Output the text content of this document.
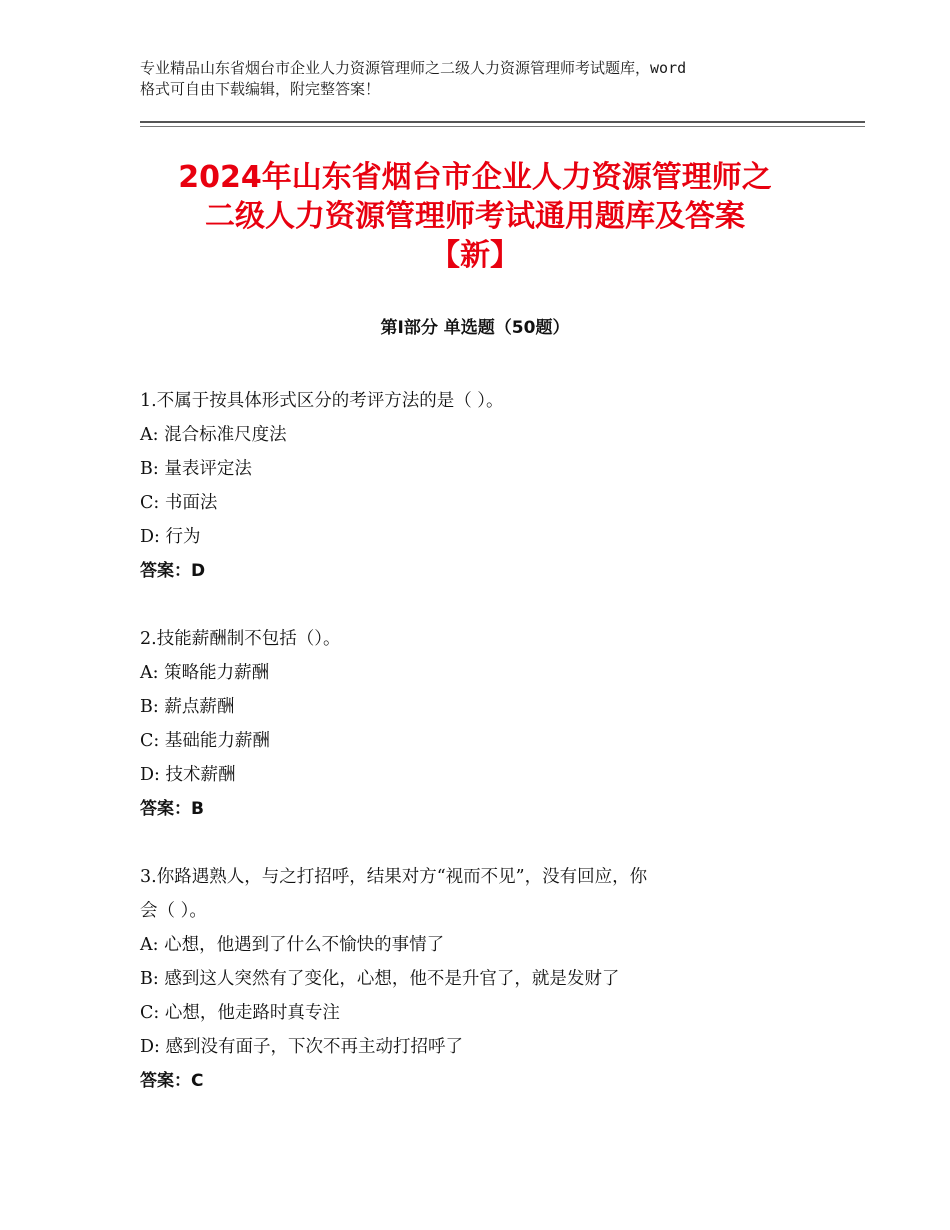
专业精品山东省烟台市企业人力资源管理师之二级人力资源管理师考试题库，word
格式可自由下载编辑，附完整答案！
2024年山东省烟台市企业人力资源管理师之
二级人力资源管理师考试通用题库及答案
【新】
第Ⅰ部分 单选题（50题）
1.不属于按具体形式区分的考评方法的是（ ）。
A: 混合标准尺度法
B: 量表评定法
C: 书面法
D: 行为
答案：D
2.技能薪酬制不包括（）。
A: 策略能力薪酬
B: 薪点薪酬
C: 基础能力薪酬
D: 技术薪酬
答案：B
3.你路遇熟人，与之打招呼，结果对方“视而不见”，没有回应，你
会（ ）。
A: 心想，他遇到了什么不愉快的事情了
B: 感到这人突然有了变化，心想，他不是升官了，就是发财了
C: 心想，他走路时真专注
D: 感到没有面子，下次不再主动打招呼了
答案：C
